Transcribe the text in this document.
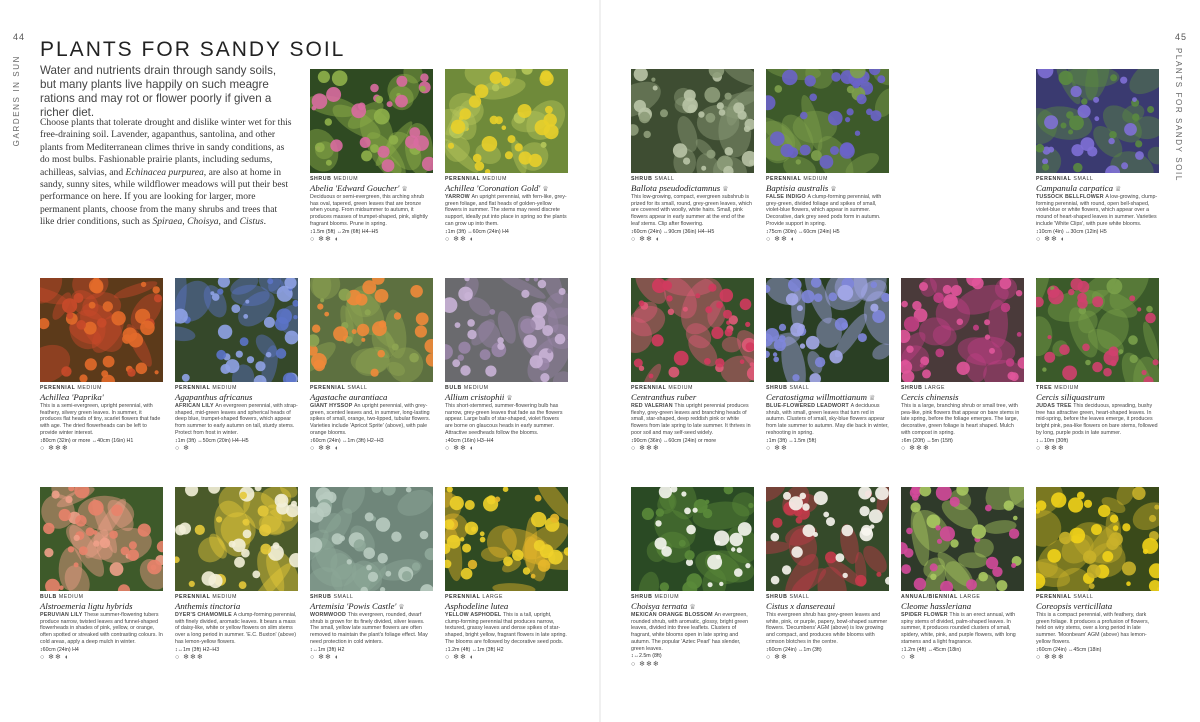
44
GARDENS IN SUN
45
PLANTS FOR SANDY SOIL
PLANTS FOR SANDY SOIL
Water and nutrients drain through sandy soils, but many plants live happily on such meagre rations and may rot or flower poorly if given a richer diet.
Choose plants that tolerate drought and dislike winter wet for this free-draining soil. Lavender, agapanthus, santolina, and other plants from Mediterranean climes thrive in sandy conditions, as do most bulbs. Fashionable prairie plants, including sedums, achilleas, salvias, and Echinacea purpurea, are also at home in sandy, sunny sites, while wildflower meadows will put their best performance on here. If you are looking for larger, more permanent plants, choose from the many shrubs and trees that like drier conditions, such as Spiraea, Choisya, and Cistus.
SHRUB MEDIUM
Abelia 'Edward Goucher' ♕
Deciduous or semi-evergreen, this arching shrub has oval, tapered, green leaves that are bronze when young. From midsummer to autumn, it produces masses of trumpet-shaped, pink, slightly fragrant blooms. Prune in spring.
↕1.5m (5ft) ↔2m (6ft) H4–H5
○ ❄❄ ◐
PERENNIAL MEDIUM
Achillea 'Coronation Gold' ♕
YARROW An upright perennial, with fern-like, grey-green foliage, and flat heads of golden-yellow flowers in summer. The stems may need discrete support, ideally put into place in spring so the plants can grow up into them.
↕1m (3ft) ↔60cm (24in) H4
○ ❄❄ ◐
SHRUB SMALL
Ballota pseudodictamnus ♕
This low-growing, compact, evergreen subshrub is prized for its small, round, grey-green leaves, which are covered with woolly, white hairs. Small, pink flowers appear in early summer at the end of the leaf stems. Clip after flowering.
↕60cm (24in) ↔90cm (36in) H4–H5
○ ❄❄ ◐
PERENNIAL MEDIUM
Baptisia australis ♕
FALSE INDIGO A clump-forming perennial, with grey-green, divided foliage and spikes of small, violet-blue flowers, which appear in summer. Decorative, dark grey seed pods form in autumn. Provide support in spring.
↕75cm (30in) ↔60cm (24in) H5
○ ❄❄ ◐
PERENNIAL SMALL
Campanula carpatica ♕
TUSSOCK BELLFLOWER A low-growing, clump-forming perennial, with round, open bell-shaped, violet-blue or white flowers, which appear over a mound of heart-shaped leaves in summer. Varieties include 'White Clips', with pure white blooms.
↕10cm (4in) ↔30cm (12in) H5
○ ❄❄ ◐
PERENNIAL MEDIUM
Achillea 'Paprika'
This is a semi-evergreen, upright perennial, with feathery, silvery green leaves. In summer, it produces flat heads of tiny, scarlet flowers that fade with age. The dried flowerheads can be left to provide winter interest.
↕80cm (32in) or more ↔40cm (16in) H1
○ ❄❄❄
PERENNIAL MEDIUM
Agapanthus africanus
AFRICAN LILY An evergreen perennial, with strap-shaped, mid-green leaves and spherical heads of deep blue, trumpet-shaped flowers, which appear from summer to early autumn on tall, sturdy stems. Protect from frost in winter.
↕1m (3ft) ↔50cm (20in) H4–H5
○ ❄
PERENNIAL SMALL
Agastache aurantiaca
GIANT HYSSOP An upright perennial, with grey-green, scented leaves and, in summer, long-lasting spikes of small, orange, two-lipped, tubular flowers. Varieties include 'Apricot Sprite' (above), with pale orange blooms.
↕60cm (24in) ↔1m (3ft) H2–H3
○ ❄❄ ◐
BULB MEDIUM
Allium cristophii ♕
This short-stemmed, summer-flowering bulb has narrow, grey-green leaves that fade as the flowers appear. Large balls of star-shaped, violet flowers are borne on glaucous heads in early summer. Attractive seedheads follow the blooms.
↕40cm (16in) H3–H4
○ ❄❄ ◐
PERENNIAL MEDIUM
Centranthus ruber
RED VALERIAN This upright perennial produces fleshy, grey-green leaves and branching heads of small, star-shaped, deep reddish pink or white flowers from late spring to late summer. It thrives in poor soil and may self-seed widely.
↕90cm (36in) ↔60cm (24in) or more
○ ❄❄❄
SHRUB SMALL
Ceratostigma willmottianum ♕
BLUE-FLOWERED LEADWORT A deciduous shrub, with small, green leaves that turn red in autumn. Clusters of small, sky-blue flowers appear from late summer to autumn. May die back in winter, reshooting in spring.
↕1m (3ft) ↔1.5m (5ft)
○ ❄❄
SHRUB LARGE
Cercis chinensis
This is a large, branching shrub or small tree, with pea-like, pink flowers that appear on bare stems in late spring, before the foliage emerges. The large, decorative, green foliage is heart shaped. Mulch with compost in spring.
↕6m (20ft) ↔5m (15ft)
○ ❄❄❄
TREE MEDIUM
Cercis siliquastrum
JUDAS TREE This deciduous, spreading, bushy tree has attractive green, heart-shaped leaves. In mid-spring, before the leaves emerge, it produces bright pink, pea-like flowers on bare stems, followed by long, purple pods in late summer.
↕↔10m (30ft)
○ ❄❄❄
BULB MEDIUM
Alstroemeria ligtu hybrids
PERUVIAN LILY These summer-flowering tubers produce narrow, twisted leaves and funnel-shaped flowerheads in shades of pink, yellow, or orange, often spotted or streaked with contrasting colours. In cold areas, apply a deep mulch in winter.
↕60cm (24in) H4
○ ❄❄ ◐
PERENNIAL MEDIUM
Anthemis tinctoria
DYER'S CHAMOMILE A clump-forming perennial, with finely divided, aromatic leaves. It bears a mass of daisy-like, white or yellow flowers on slim stems over a long period in summer. 'E.C. Buxton' (above) has lemon-yellow flowers.
↕↔1m (3ft) H2–H3
○ ❄❄❄
SHRUB SMALL
Artemisia 'Powis Castle' ♕
WORMWOOD This evergreen, rounded, dwarf shrub is grown for its finely divided, silver leaves. The small, yellow late summer flowers are often removed to maintain the plant's foliage effect. May need protection in cold winters.
↕↔1m (3ft) H2
○ ❄❄ ◐
PERENNIAL LARGE
Asphodeline lutea
YELLOW ASPHODEL This is a tall, upright, clump-forming perennial that produces narrow, textured, grassy leaves and dense spikes of star-shaped, bright yellow, fragrant flowers in late spring. The blooms are followed by decorative seed pods.
↕1.2m (4ft) ↔1m (3ft) H2
○ ❄❄ ◐
SHRUB MEDIUM
Choisya ternata ♕
MEXICAN ORANGE BLOSSOM An evergreen, rounded shrub, with aromatic, glossy, bright green leaves, divided into three leaflets. Clusters of fragrant, white blooms open in late spring and autumn. The popular 'Aztec Pearl' has slender, green leaves.
↕↔2.5m (8ft)
○ ❄❄❄
SHRUB SMALL
Cistus x dansereaui
This evergreen shrub has grey-green leaves and white, pink, or purple, papery, bowl-shaped summer flowers. 'Decumbens' AGM (above) is low growing and compact, and produces white blooms with crimson blotches in the centre.
↕60cm (24in) ↔1m (3ft)
○ ❄❄
ANNUAL/BIENNIAL LARGE
Cleome hassleriana
SPIDER FLOWER This is an erect annual, with spiny stems of divided, palm-shaped leaves. In summer, it produces rounded clusters of small, spidery, white, pink, and purple flowers, with long stamens and a light fragrance.
↕1.2m (4ft) ↔45cm (18in)
○ ❄
PERENNIAL SMALL
Coreopsis verticillata
This is a compact perennial, with feathery, dark green foliage. It produces a profusion of flowers, held on wiry stems, over a long period in late summer. 'Moonbeam' AGM (above) has lemon-yellow flowers.
↕60cm (24in) ↔45cm (18in)
○ ❄❄❄
